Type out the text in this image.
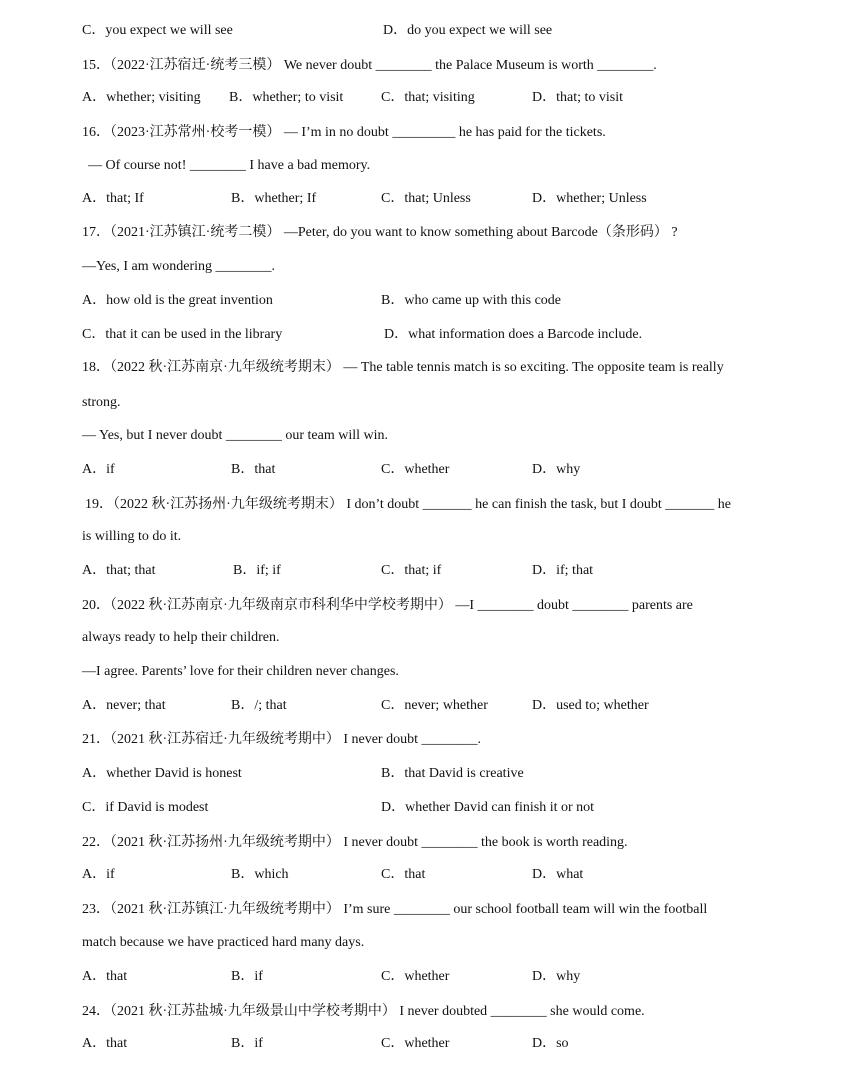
C．you expect we will see	D．do you expect we will see
15．（2022·江苏宿迁·统考三模） We never doubt ________ the Palace Museum is worth ________.
A．whether; visiting B．whether; to visit	C．that; visiting	D．that; to visit
16．（2023·江苏常州·校考一模） — I’m in no doubt _________ he has paid for the tickets.
— Of course not! ________ I have a bad memory.
A．that; If	B．whether; If	C．that; Unless	D．whether; Unless
17．（2021·江苏镇江·统考二模） —Peter, do you want to know something about Barcode（条形码） ?
—Yes, I am wondering ________.
A．how old is the great invention	B．who came up with this code
C．that it can be used in the library	D．what information does a Barcode include.
18．（2022 秋·江苏南京·九年级统考期末） — The table tennis match is so exciting. The opposite team is really
strong.
— Yes, but I never doubt ________ our team will win.
A．if	B．that	C．whether	D．why
19．（2022 秋·江苏扬州·九年级统考期末） I don’t doubt _______ he can finish the task, but I doubt _______ he
is willing to do it.
A．that; that	B．if; if	C．that; if	D．if; that
20．（2022 秋·江苏南京·九年级南京市科利华中学校考期中） —I ________ doubt ________ parents are
always ready to help their children.
—I agree. Parents’ love for their children never changes.
A．never; that	B．/; that	C．never; whether	D．used to; whether
21．（2021 秋·江苏宿迁·九年级统考期中） I never doubt ________.
A．whether David is honest	B．that David is creative
C．if David is modest	D．whether David can finish it or not
22．（2021 秋·江苏扬州·九年级统考期中） I never doubt ________ the book is worth reading.
A．if	B．which	C．that	D．what
23．（2021 秋·江苏镇江·九年级统考期中） I’m sure ________ our school football team will win the football
match because we have practiced hard many days.
A．that	B．if	C．whether	D．why
24．（2021 秋·江苏盐城·九年级景山中学校考期中） I never doubted ________ she would come.
A．that	B．if	C．whether	D．so
